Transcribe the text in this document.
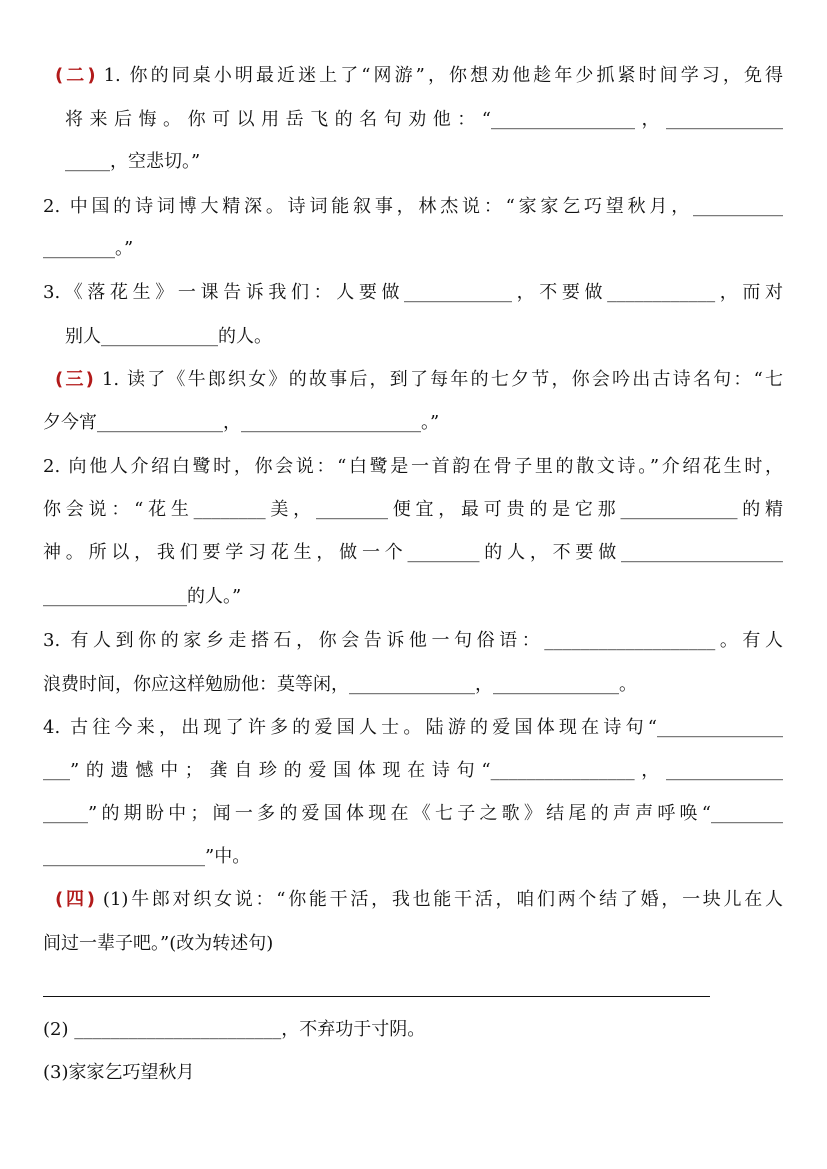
(二) 1. 你的同桌小明最近迷上了“网游”，你想劝他趁年少抓紧时间学习，免得
将来后悔。你可以用岳飞的名句劝他：“________________，_____________
_____，空悲切。”
2. 中国的诗词博大精深。诗词能叙事，林杰说：“家家乞巧望秋月，__________
________。”
3.《落花生》一课告诉我们：人要做____________，不要做____________，而对
别人_____________的人。
(三) 1. 读了《牛郎织女》的故事后，到了每年的七夕节，你会吟出古诗名句：“七
夕今宵______________，____________________。”
2. 向他人介绍白鹭时，你会说：“白鹭是一首韵在骨子里的散文诗。”介绍花生时，
你会说：“花生________美，________便宜，最可贵的是它那_____________的精
神。所以，我们要学习花生，做一个________的人，不要做__________________
________________的人。”
3. 有人到你的家乡走搭石，你会告诉他一句俗语：___________________。有人
浪费时间，你应这样勉励他：莫等闲，______________，______________。
4. 古往今来，出现了许多的爱国人士。陆游的爱国体现在诗句“______________
___”的遗憾中；龚自珍的爱国体现在诗句“________________，_____________
_____”的期盼中；闻一多的爱国体现在《七子之歌》结尾的声声呼唤“________
__________________”中。
(四) (1)牛郎对织女说：“你能干活，我也能干活，咱们两个结了婚，一块儿在人
间过一辈子吧。”(改为转述句)
(2) _______________________，不弃功于寸阴。
(3)家家乞巧望秋月
